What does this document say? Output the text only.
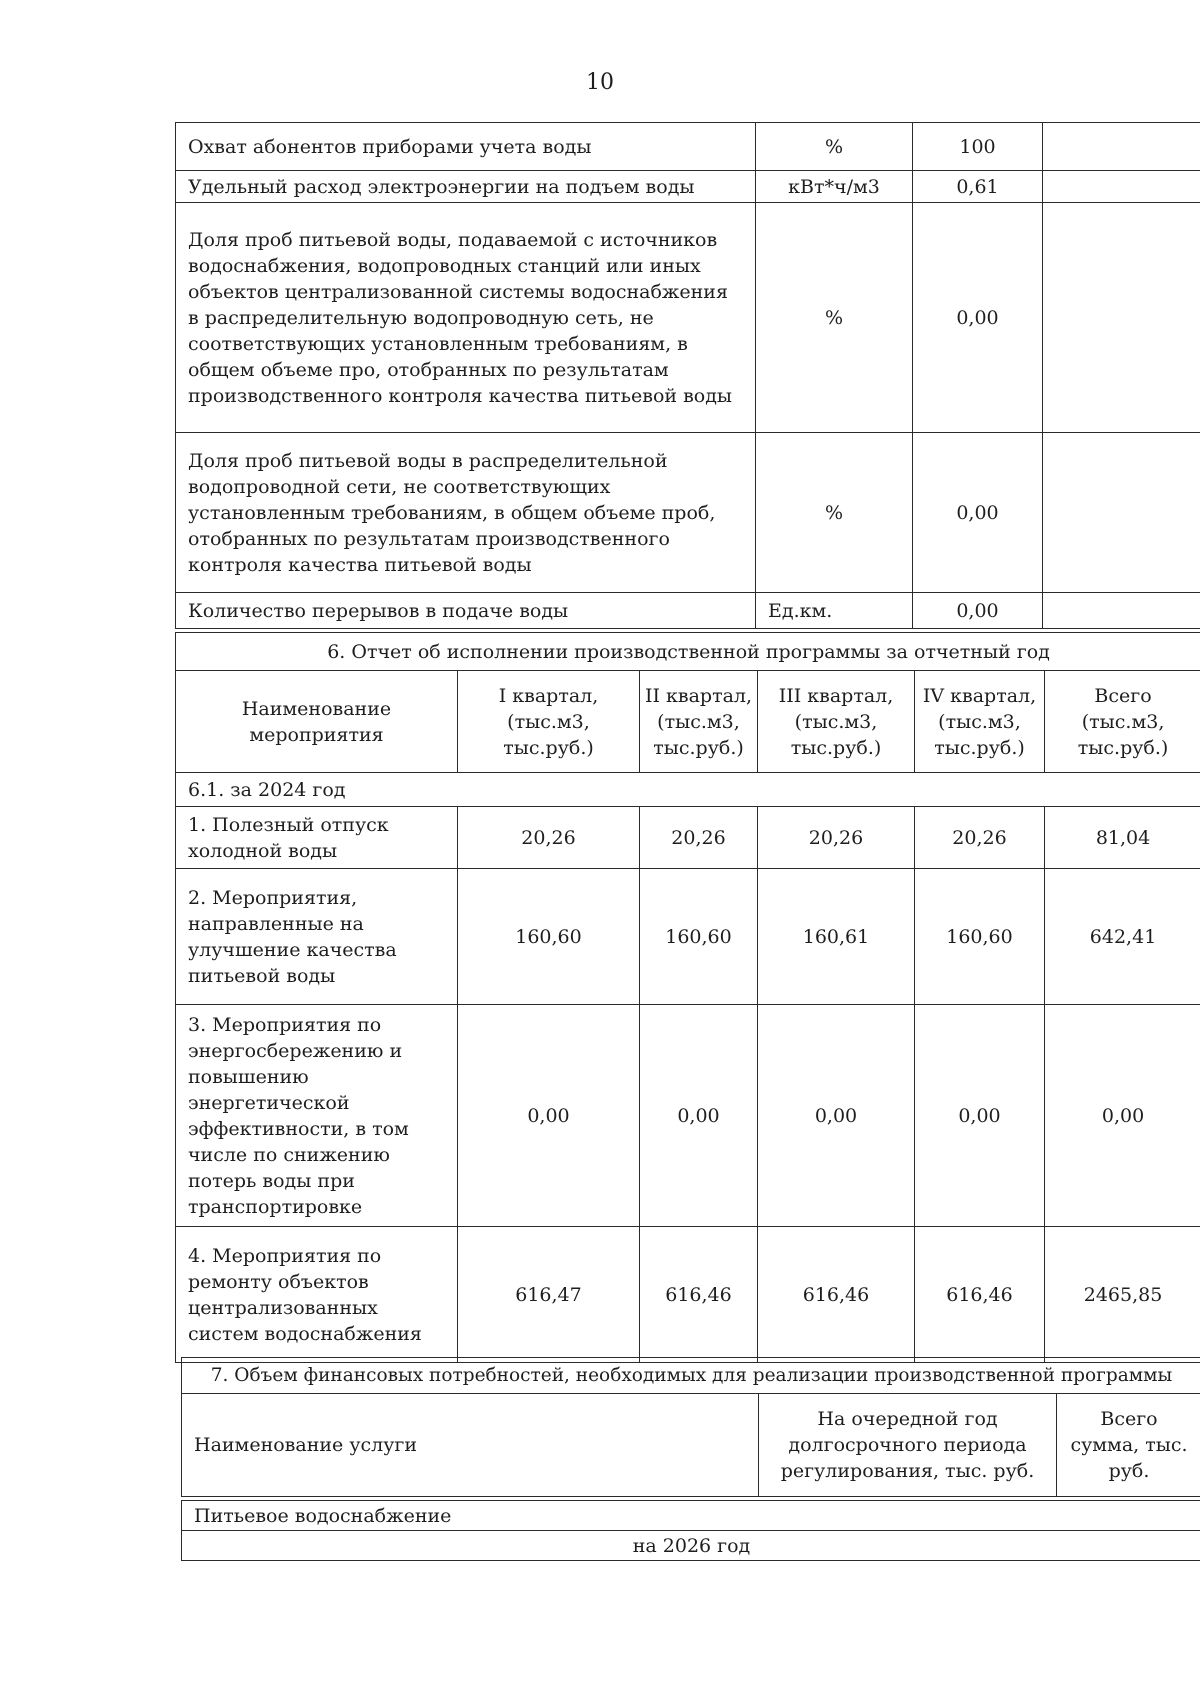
10
Охват абонентов приборами учета воды	%	100	
Удельный расход электроэнергии на подъем воды	кВт*ч/м3	0,61	
Доля проб питьевой воды, подаваемой с источников водоснабжения, водопроводных станций или иных объектов централизованной системы водоснабжения в распределительную водопроводную сеть, не соответствующих установленным требованиям, в общем объеме про, отобранных по результатам производственного контроля качества питьевой воды	%	0,00	
Доля проб питьевой воды в распределительной водопроводной сети, не соответствующих установленным требованиям, в общем объеме проб, отобранных по результатам производственного контроля качества питьевой воды	%	0,00	
Количество перерывов в подаче воды	Ед.км.	0,00	
6. Отчет об исполнении производственной программы за отчетный год					
Наименование мероприятия	I квартал, (тыс.м3, тыс.руб.)	II квартал, (тыс.м3, тыс.руб.)	III квартал, (тыс.м3, тыс.руб.)	IV квартал, (тыс.м3, тыс.руб.)	Всего (тыс.м3, тыс.руб.)
6.1. за 2024 год					
1. Полезный отпуск холодной воды	20,26	20,26	20,26	20,26	81,04
2. Мероприятия, направленные на улучшение качества питьевой воды	160,60	160,60	160,61	160,60	642,41
3. Мероприятия по энергосбережению и повышению энергетической эффективности, в том числе по снижению потерь воды при транспортировке	0,00	0,00	0,00	0,00	0,00
4. Мероприятия по ремонту объектов централизованных систем водоснабжения	616,47	616,46	616,46	616,46	2465,85
7. Объем финансовых потребностей, необходимых для реализации производственной программы
Наименование услуги	На очередной год долгосрочного периода регулирования, тыс. руб.	Всего сумма, тыс. руб.
Питьевое водоснабжение
на 2026 год
